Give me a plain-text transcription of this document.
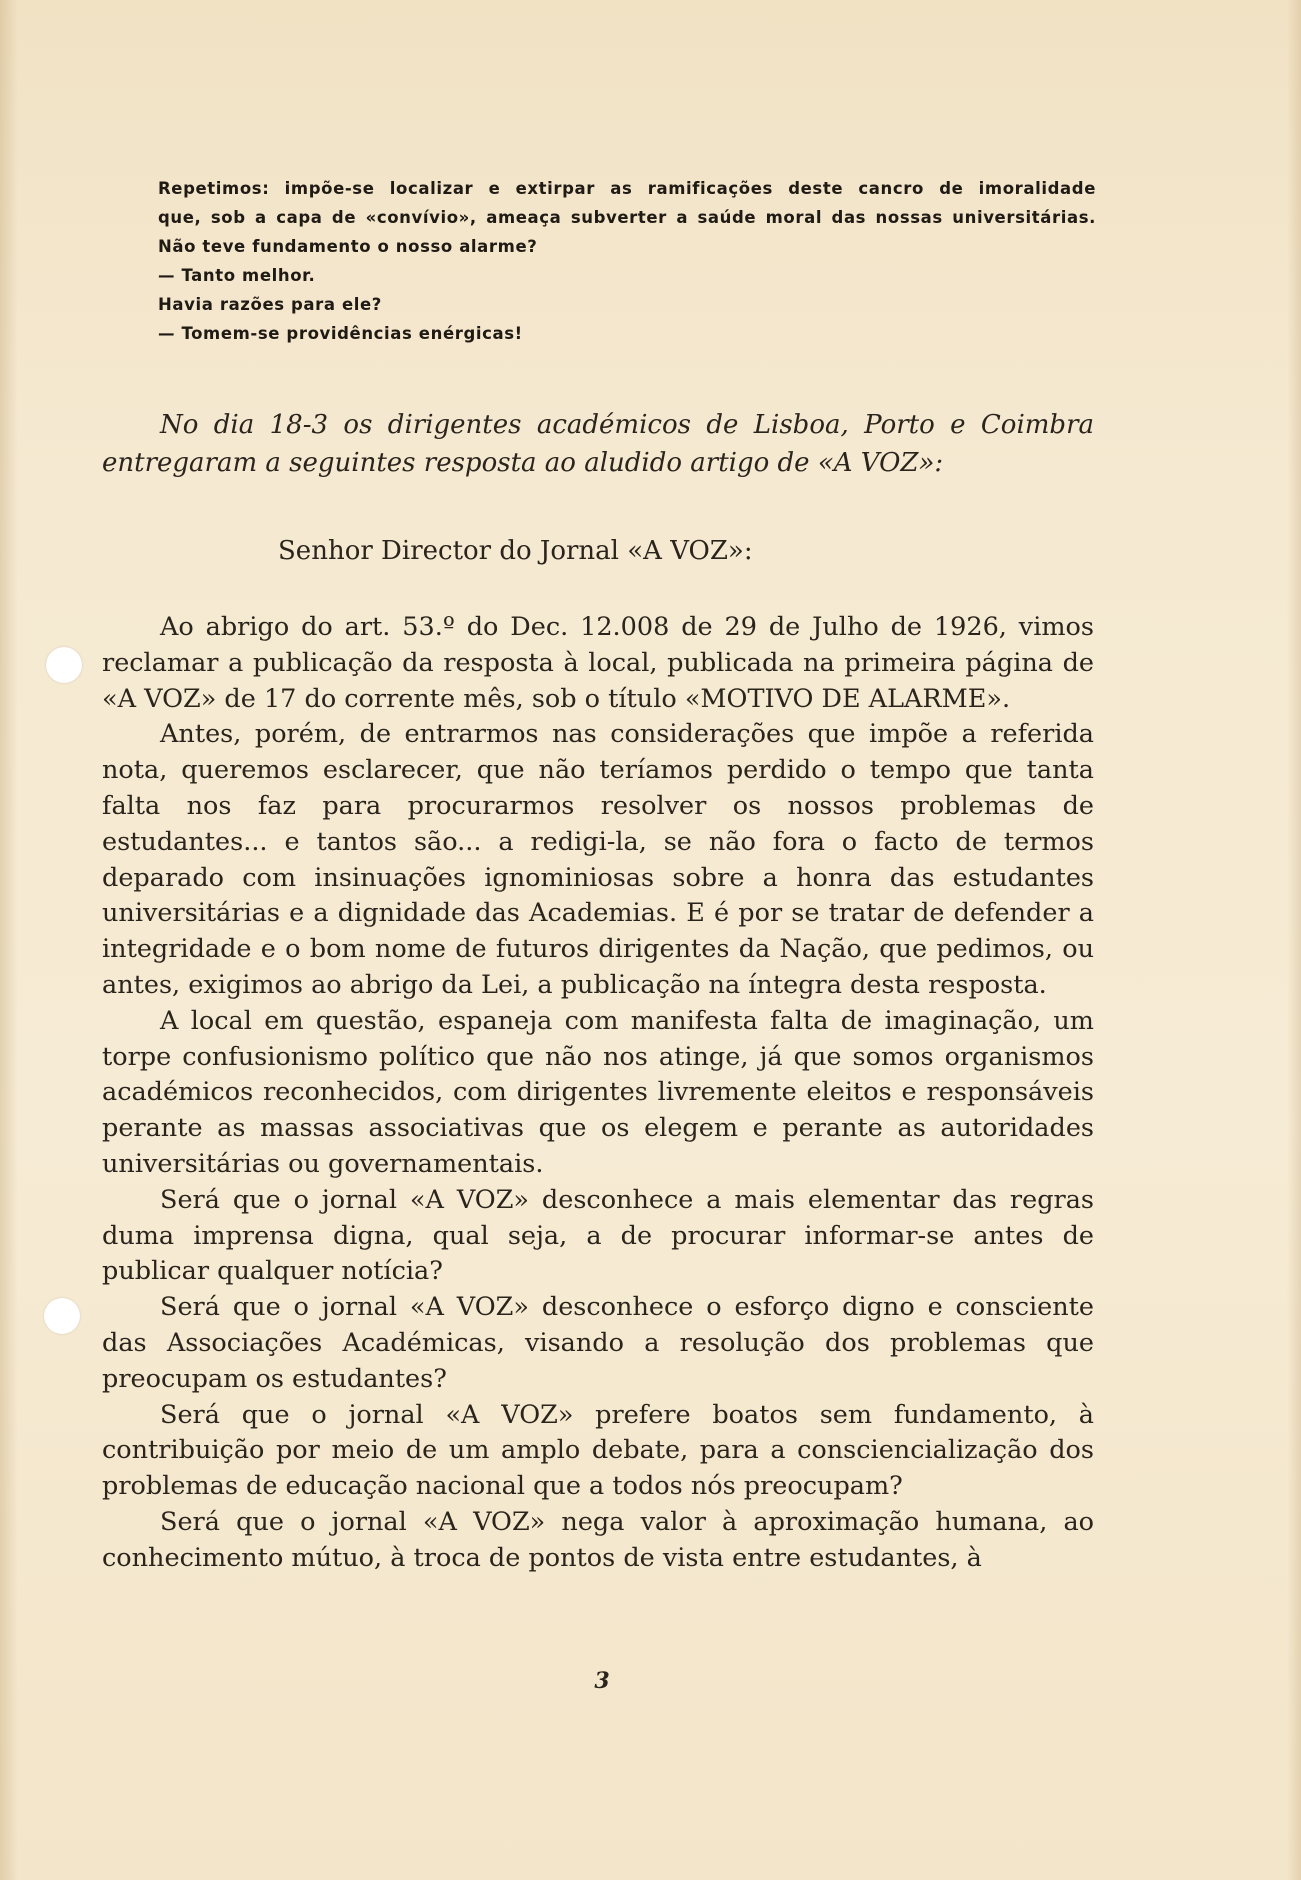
Repetimos: impõe-se localizar e extirpar as ramificações deste cancro de imoralidade
que, sob a capa de «convívio», ameaça subverter a saúde moral das nossas universitárias.
Não teve fundamento o nosso alarme?
— Tanto melhor.
Havia razões para ele?
— Tomem-se providências enérgicas!
No dia 18-3 os dirigentes académicos de Lisboa, Porto e Coimbra
entregaram a seguintes resposta ao aludido artigo de «A VOZ»:
Senhor Director do Jornal «A VOZ»:

Ao abrigo do art. 53.º do Dec. 12.008 de 29 de Julho de 1926, vimos reclamar a publicação da resposta à local, publicada na primeira página de «A VOZ» de 17 do corrente mês, sob o título «MOTIVO DE ALARME».

Antes, porém, de entrarmos nas considerações que impõe a referida nota, queremos esclarecer, que não teríamos perdido o tempo que tanta falta nos faz para procurarmos resolver os nossos problemas de estudantes... e tantos são... a redigi-la, se não fora o facto de termos deparado com insinuações ignominiosas sobre a honra das estudantes universitárias e a dignidade das Academias. E é por se tratar de defender a integridade e o bom nome de futuros dirigentes da Nação, que pedimos, ou antes, exigimos ao abrigo da Lei, a publicação na íntegra desta resposta.

A local em questão, espaneja com manifesta falta de imaginação, um torpe confusionismo político que não nos atinge, já que somos organismos académicos reconhecidos, com dirigentes livremente eleitos e responsáveis perante as massas associativas que os elegem e perante as autoridades universitárias ou governamentais.

Será que o jornal «A VOZ» desconhece a mais elementar das regras duma imprensa digna, qual seja, a de procurar informar-se antes de publicar qualquer notícia?

Será que o jornal «A VOZ» desconhece o esforço digno e consciente das Associações Académicas, visando a resolução dos problemas que preocupam os estudantes?

Será que o jornal «A VOZ» prefere boatos sem fundamento, à contribuição por meio de um amplo debate, para a consciencialização dos problemas de educação nacional que a todos nós preocupam?

Será que o jornal «A VOZ» nega valor à aproximação humana, ao conhecimento mútuo, à troca de pontos de vista entre estudantes, à

3
